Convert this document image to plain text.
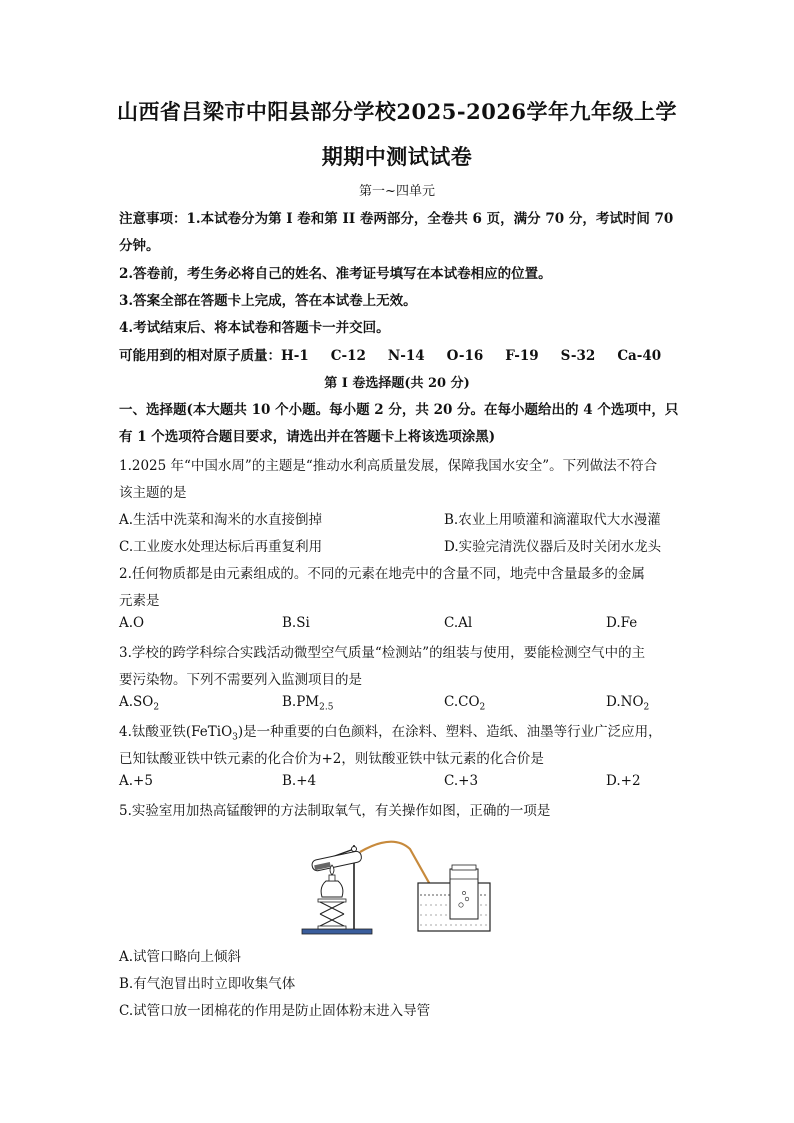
山西省吕梁市中阳县部分学校2025-2026学年九年级上学
期期中测试试卷
第一~四单元
注意事项：1.本试卷分为第 I 卷和第 II 卷两部分，全卷共 6 页，满分 70 分，考试时间 70
分钟。
2.答卷前，考生务必将自己的姓名、准考证号填写在本试卷相应的位置。
3.答案全部在答题卡上完成，答在本试卷上无效。
4.考试结束后、将本试卷和答题卡一并交回。
可能用到的相对原子质量：H-1 C-12 N-14 O-16 F-19 S-32 Ca-40
第 I 卷选择题(共 20 分)
一、选择题(本大题共 10 个小题。每小题 2 分，共 20 分。在每小题给出的 4 个选项中，只
有 1 个选项符合题目要求，请选出并在答题卡上将该选项涂黑)
1.2025 年“中国水周”的主题是“推动水利高质量发展，保障我国水安全”。下列做法不符合
该主题的是
A.生活中洗菜和淘米的水直接倒掉	B.农业上用喷灌和滴灌取代大水漫灌
C.工业废水处理达标后再重复利用	D.实验完清洗仪器后及时关闭水龙头
2.任何物质都是由元素组成的。不同的元素在地壳中的含量不同，地壳中含量最多的金属
元素是
A.O	B.Si	C.Al	D.Fe
3.学校的跨学科综合实践活动微型空气质量“检测站”的组装与使用，要能检测空气中的主
要污染物。下列不需要列入监测项目的是
$A.SO_2$	$B.PM_{2.5}$	$C.CO_2$	$D.NO_2$
4.钛酸亚铁(FeTiO$_3$)是一种重要的白色颜料，在涂料、塑料、造纸、油墨等行业广泛应用，
已知钛酸亚铁中铁元素的化合价为+2，则钛酸亚铁中钛元素的化合价是
A.+5	B.+4	C.+3	D.+2
5.实验室用加热高锰酸钾的方法制取氧气，有关操作如图，正确的一项是
A.试管口略向上倾斜
B.有气泡冒出时立即收集气体
C.试管口放一团棉花的作用是防止固体粉末进入导管
